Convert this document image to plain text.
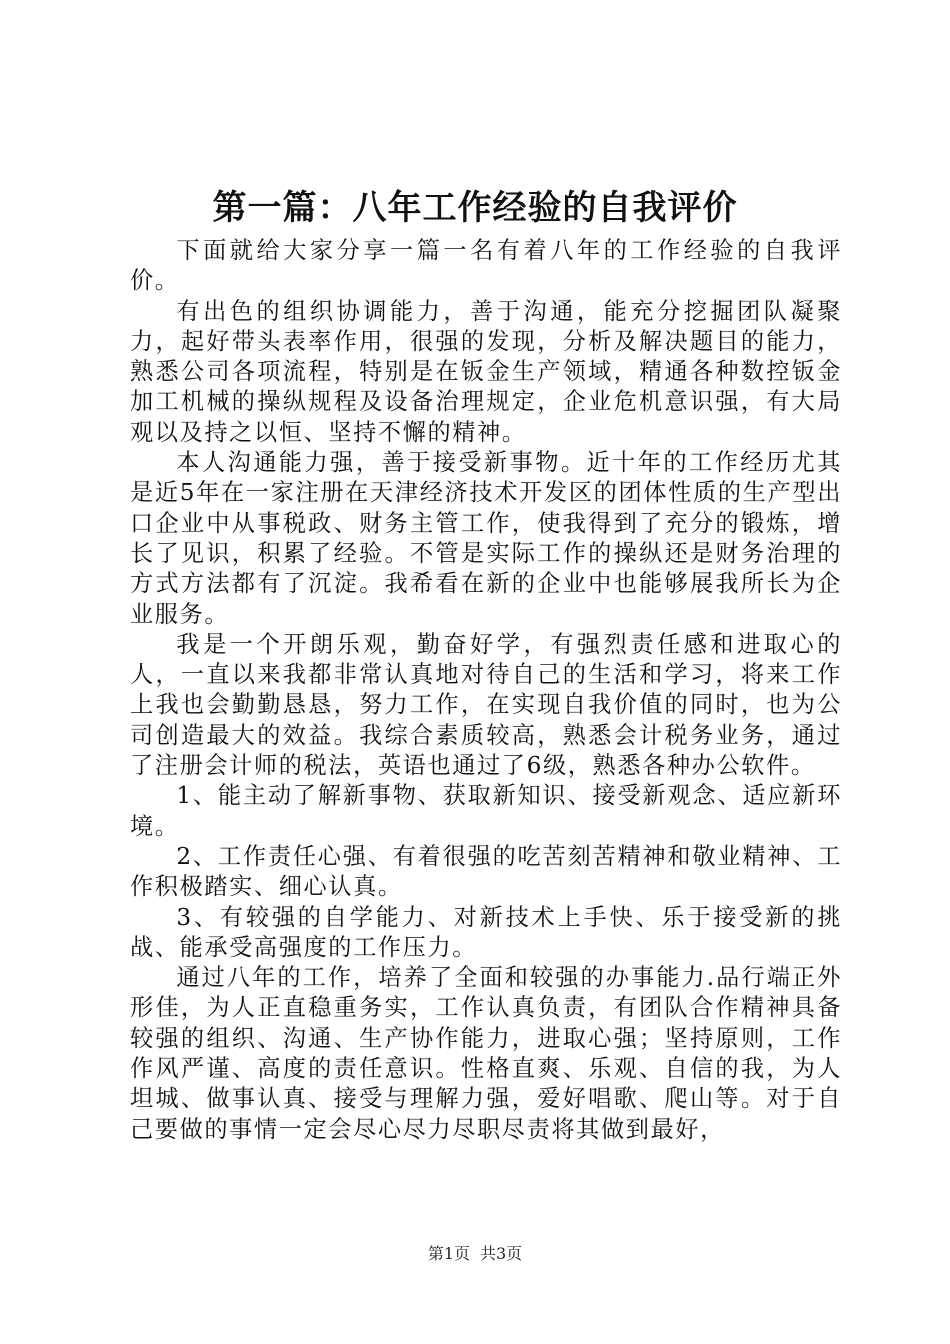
第一篇：八年工作经验的自我评价

下面就给大家分享一篇一名有着八年的工作经验的自我评价。

有出色的组织协调能力，善于沟通，能充分挖掘团队凝聚力，起好带头表率作用，很强的发现，分析及解决题目的能力，熟悉公司各项流程，特别是在钣金生产领域，精通各种数控钣金加工机械的操纵规程及设备治理规定，企业危机意识强，有大局观以及持之以恒、坚持不懈的精神。

本人沟通能力强，善于接受新事物。近十年的工作经历尤其是近5年在一家注册在天津经济技术开发区的团体性质的生产型出口企业中从事税政、财务主管工作，使我得到了充分的锻炼，增长了见识，积累了经验。不管是实际工作的操纵还是财务治理的方式方法都有了沉淀。我希看在新的企业中也能够展我所长为企业服务。

我是一个开朗乐观，勤奋好学，有强烈责任感和进取心的人，一直以来我都非常认真地对待自己的生活和学习，将来工作上我也会勤勤恳恳，努力工作，在实现自我价值的同时，也为公司创造最大的效益。我综合素质较高，熟悉会计税务业务，通过了注册会计师的税法，英语也通过了6级，熟悉各种办公软件。

1、能主动了解新事物、获取新知识、接受新观念、适应新环境。

2、工作责任心强、有着很强的吃苦刻苦精神和敬业精神、工作积极踏实、细心认真。

3、有较强的自学能力、对新技术上手快、乐于接受新的挑战、能承受高强度的工作压力。

通过八年的工作，培养了全面和较强的办事能力.品行端正外形佳，为人正直稳重务实，工作认真负责，有团队合作精神具备较强的组织、沟通、生产协作能力，进取心强；坚持原则，工作作风严谨、高度的责任意识。性格直爽、乐观、自信的我，为人坦城、做事认真、接受与理解力强，爱好唱歌、爬山等。对于自己要做的事情一定会尽心尽力尽职尽责将其做到最好，

第1页 共3页
